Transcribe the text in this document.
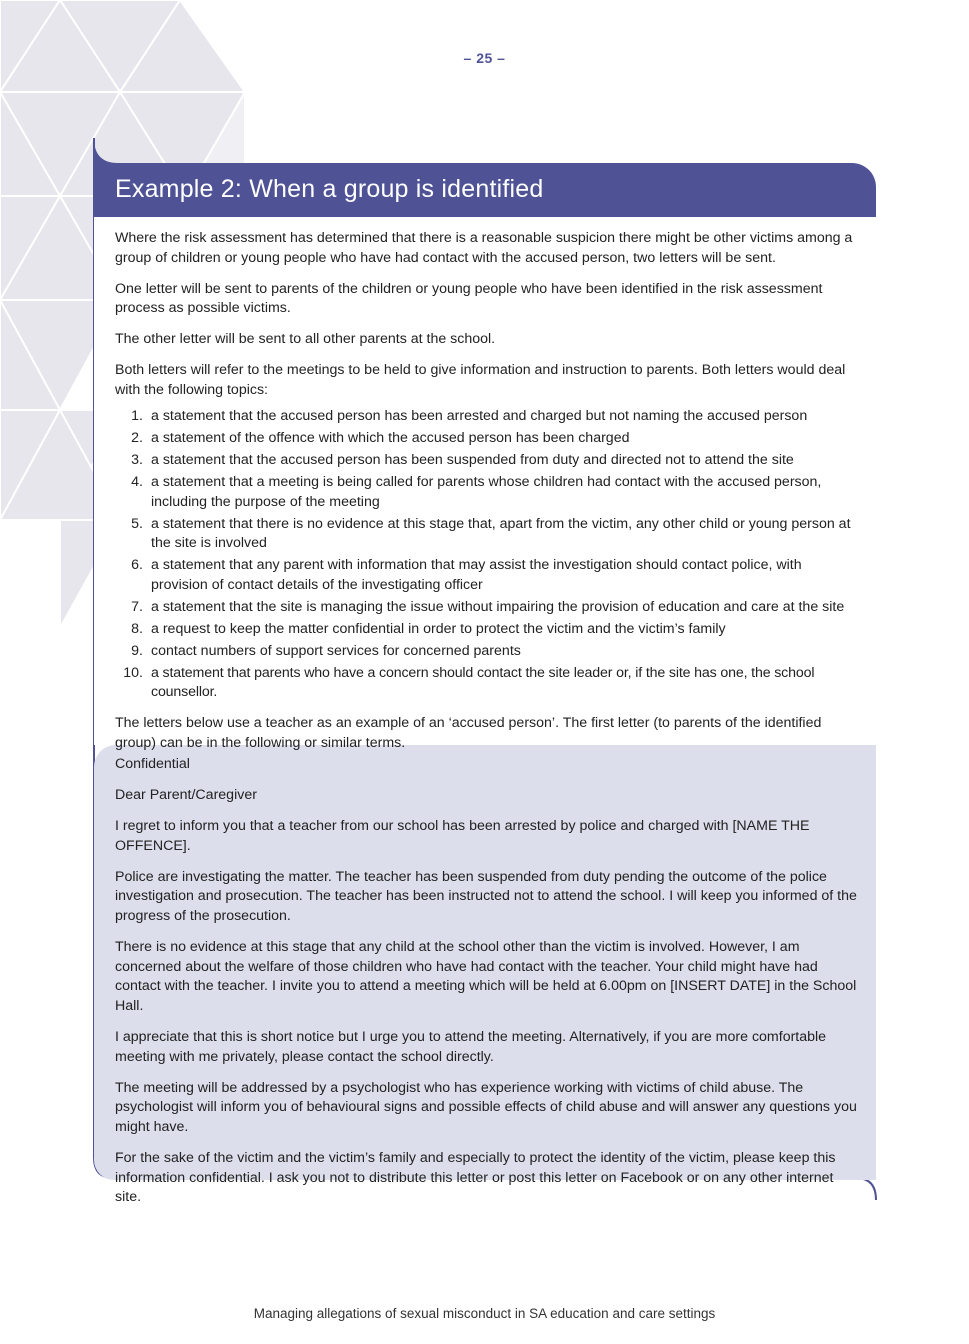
– 25 –
Example 2: When a group is identified

Where the risk assessment has determined that there is a reasonable suspicion there might be other victims among a group of children or young people who have had contact with the accused person, two letters will be sent.

One letter will be sent to parents of the children or young people who have been identified in the risk assessment process as possible victims.

The other letter will be sent to all other parents at the school.

Both letters will refer to the meetings to be held to give information and instruction to parents. Both letters would deal with the following topics:

1. a statement that the accused person has been arrested and charged but not naming the accused person
2. a statement of the offence with which the accused person has been charged
3. a statement that the accused person has been suspended from duty and directed not to attend the site
4. a statement that a meeting is being called for parents whose children had contact with the accused person, including the purpose of the meeting
5. a statement that there is no evidence at this stage that, apart from the victim, any other child or young person at the site is involved
6. a statement that any parent with information that may assist the investigation should contact police, with provision of contact details of the investigating officer
7. a statement that the site is managing the issue without impairing the provision of education and care at the site
8. a request to keep the matter confidential in order to protect the victim and the victim’s family
9. contact numbers of support services for concerned parents
10. a statement that parents who have a concern should contact the site leader or, if the site has one, the school counsellor.

The letters below use a teacher as an example of an ‘accused person’. The first letter (to parents of the identified group) can be in the following or similar terms.

Confidential

Dear Parent/Caregiver

I regret to inform you that a teacher from our school has been arrested by police and charged with [NAME THE OFFENCE].

Police are investigating the matter. The teacher has been suspended from duty pending the outcome of the police investigation and prosecution. The teacher has been instructed not to attend the school. I will keep you informed of the progress of the prosecution.

There is no evidence at this stage that any child at the school other than the victim is involved. However, I am concerned about the welfare of those children who have had contact with the teacher. Your child might have had contact with the teacher. I invite you to attend a meeting which will be held at 6.00pm on [INSERT DATE] in the School Hall.

I appreciate that this is short notice but I urge you to attend the meeting. Alternatively, if you are more comfortable meeting with me privately, please contact the school directly.

The meeting will be addressed by a psychologist who has experience working with victims of child abuse. The psychologist will inform you of behavioural signs and possible effects of child abuse and will answer any questions you might have.

For the sake of the victim and the victim’s family and especially to protect the identity of the victim, please keep this information confidential. I ask you not to distribute this letter or post this letter on Facebook or on any other internet site.

Managing allegations of sexual misconduct in SA education and care settings
